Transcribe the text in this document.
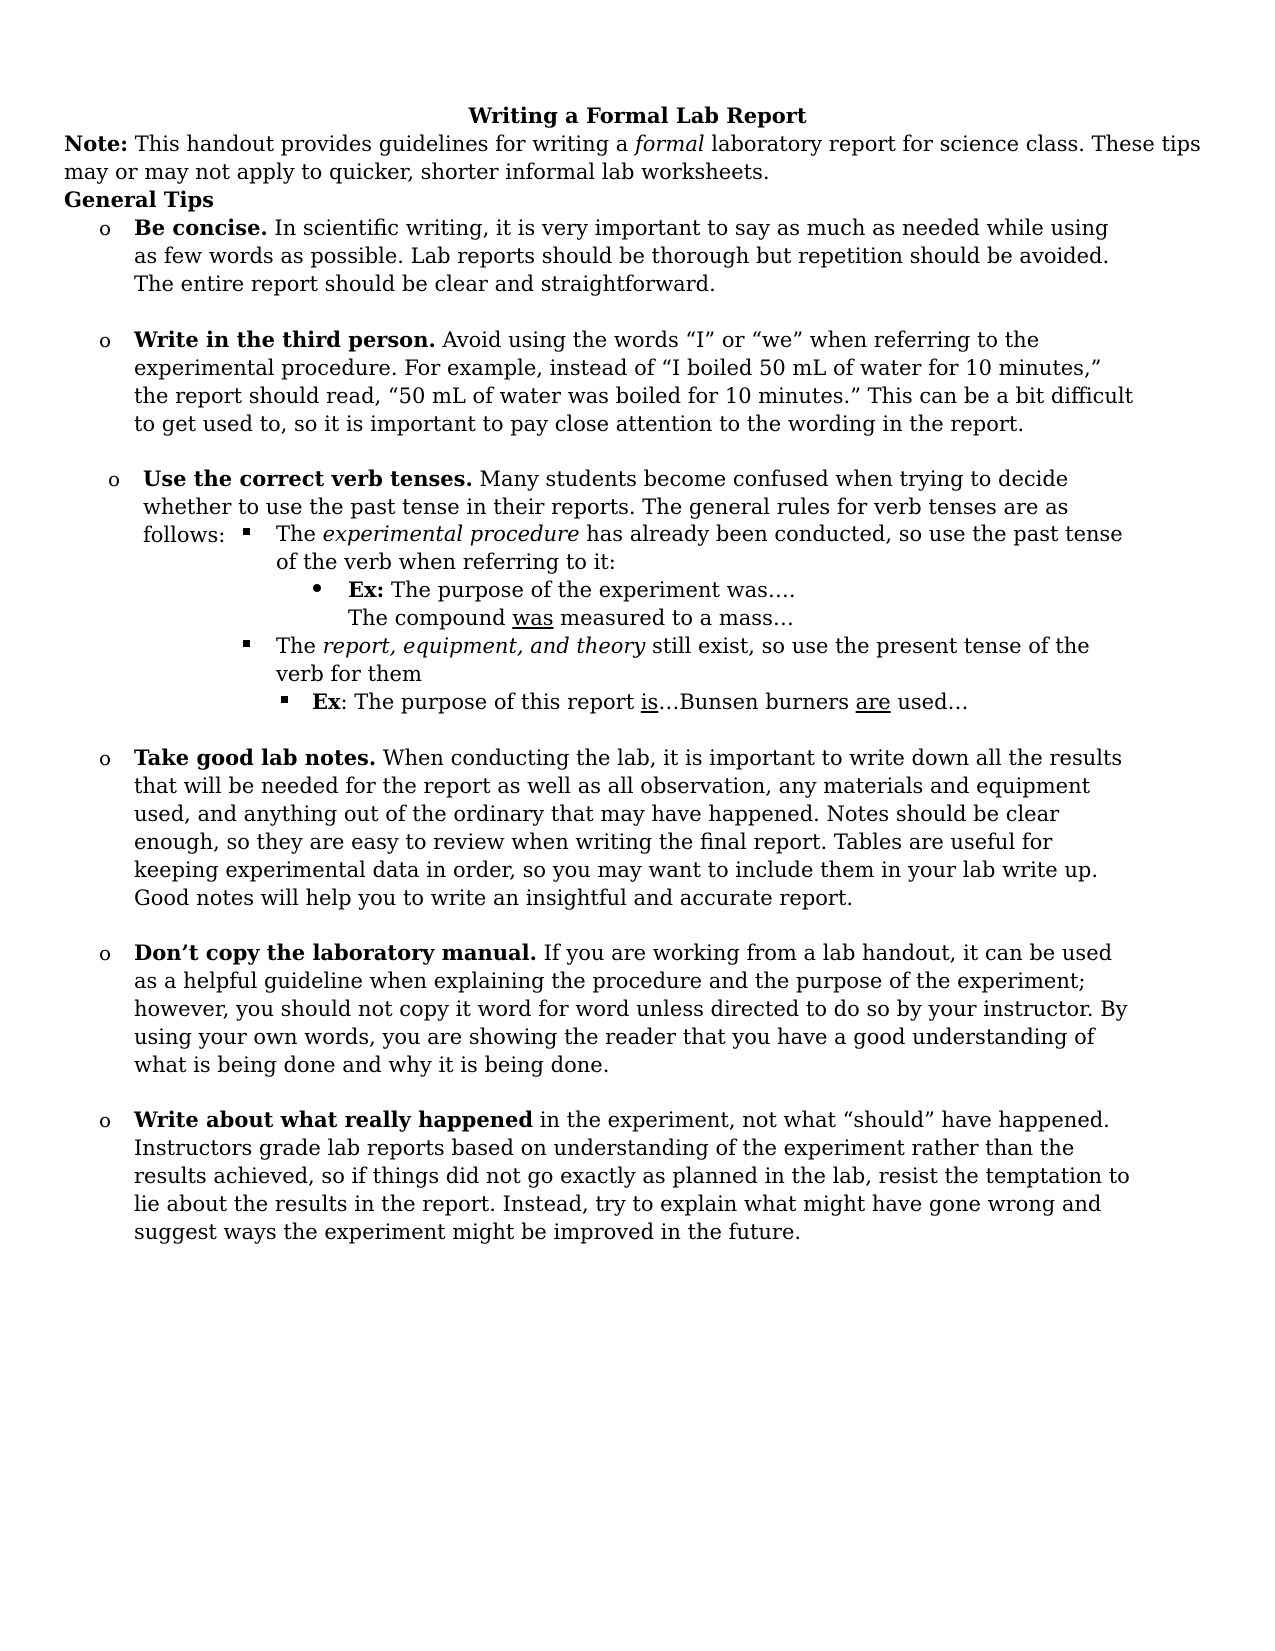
Writing a Formal Lab Report
Note: This handout provides guidelines for writing a formal laboratory report for science class. These tips may or may not apply to quicker, shorter informal lab worksheets.
General Tips
o Be concise. In scientific writing, it is very important to say as much as needed while using as few words as possible. Lab reports should be thorough but repetition should be avoided. The entire report should be clear and straightforward.
o Write in the third person. Avoid using the words “I” or “we” when referring to the experimental procedure. For example, instead of “I boiled 50 mL of water for 10 minutes,” the report should read, “50 mL of water was boiled for 10 minutes.” This can be a bit difficult to get used to, so it is important to pay close attention to the wording in the report.
o Use the correct verb tenses. Many students become confused when trying to decide whether to use the past tense in their reports. The general rules for verb tenses are as follows:	The experimental procedure has already been conducted, so use the past tense of the verb when referring to it:
Ex: The purpose of the experiment was….
The compound was measured to a mass…
The report, equipment, and theory still exist, so use the present tense of the verb for them
Ex: The purpose of this report is…Bunsen burners are used…
o Take good lab notes. When conducting the lab, it is important to write down all the results that will be needed for the report as well as all observation, any materials and equipment used, and anything out of the ordinary that may have happened. Notes should be clear enough, so they are easy to review when writing the final report. Tables are useful for keeping experimental data in order, so you may want to include them in your lab write up. Good notes will help you to write an insightful and accurate report.
o Don’t copy the laboratory manual. If you are working from a lab handout, it can be used as a helpful guideline when explaining the procedure and the purpose of the experiment; however, you should not copy it word for word unless directed to do so by your instructor. By using your own words, you are showing the reader that you have a good understanding of what is being done and why it is being done.
o Write about what really happened in the experiment, not what “should” have happened. Instructors grade lab reports based on understanding of the experiment rather than the results achieved, so if things did not go exactly as planned in the lab, resist the temptation to lie about the results in the report. Instead, try to explain what might have gone wrong and suggest ways the experiment might be improved in the future.
